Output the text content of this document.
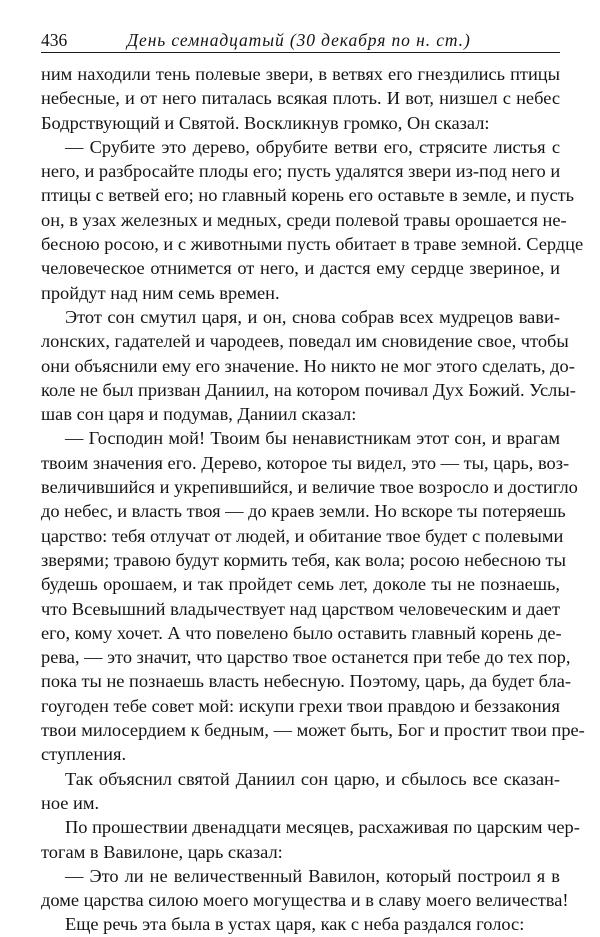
436	День семнадцатый (30 декабря по н. ст.)
ним находили тень полевые звери, в ветвях его гнездились птицы
небесные, и от него питалась всякая плоть. И вот, низшел с небес
Бодрствующий и Святой. Воскликнув громко, Он сказал:
— Срубите это дерево, обрубите ветви его, стрясите листья с
него, и разбросайте плоды его; пусть удалятся звери из-под него и
птицы с ветвей его; но главный корень его оставьте в земле, и пусть
он, в узах железных и медных, среди полевой травы орошается не-
бесною росою, и с животными пусть обитает в траве земной. Сердце
человеческое отнимется от него, и дастся ему сердце звериное, и
пройдут над ним семь времен.
Этот сон смутил царя, и он, снова собрав всех мудрецов вави-
лонских, гадателей и чародеев, поведал им сновидение свое, чтобы
они объяснили ему его значение. Но никто не мог этого сделать, до-
коле не был призван Даниил, на котором почивал Дух Божий. Услы-
шав сон царя и подумав, Даниил сказал:
— Господин мой! Твоим бы ненавистникам этот сон, и врагам
твоим значения его. Дерево, которое ты видел, это — ты, царь, воз-
величившийся и укрепившийся, и величие твое возросло и достигло
до небес, и власть твоя — до краев земли. Но вскоре ты потеряешь
царство: тебя отлучат от людей, и обитание твое будет с полевыми
зверями; травою будут кормить тебя, как вола; росою небесною ты
будешь орошаем, и так пройдет семь лет, доколе ты не познаешь,
что Всевышний владычествует над царством человеческим и дает
его, кому хочет. А что повелено было оставить главный корень де-
рева, — это значит, что царство твое останется при тебе до тех пор,
пока ты не познаешь власть небесную. Поэтому, царь, да будет бла-
гоугоден тебе совет мой: искупи грехи твои правдою и беззакония
твои милосердием к бедным, — может быть, Бог и простит твои пре-
ступления.
Так объяснил святой Даниил сон царю, и сбылось все сказан-
ное им.
По прошествии двенадцати месяцев, расхаживая по царским чер-
тогам в Вавилоне, царь сказал:
— Это ли не величественный Вавилон, который построил я в
доме царства силою моего могущества и в славу моего величества!
Еще речь эта была в устах царя, как с неба раздался голос:
